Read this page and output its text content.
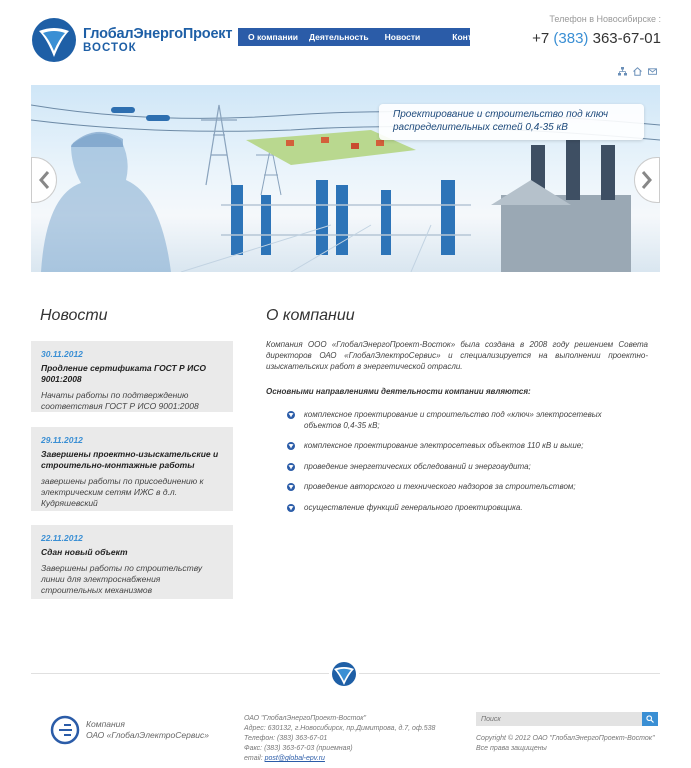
ГлобалЭнергоПроект
ВОСТОК
О компании Деятельность Новости	Контакты
Телефон в Новосибирске :
+7 (383) 363-67-01
Проектирование и строительство под ключ
распределительных сетей 0,4-35 кВ
Новости
30.11.2012
Продление сертификата ГОСТ Р ИСО 9001:2008
Начаты работы по подтверждению соответствия ГОСТ Р ИСО 9001:2008
29.11.2012
Завершены проектно-изыскательские и строительно-монтажные работы
завершены работы по присоединению к электрическим сетям ИЖС в д.л. Кудряшевский
22.11.2012
Сдан новый объект
Завершены работы по строительству линии для электроснабжения строительных механизмов
О компании
Компания ООО «ГлобалЭнергоПроект-Восток» была создана в 2008 году решением Совета директоров ОАО «ГлобалЭлектроСервис» и специализируется на выполнении проектно-изыскательских работ в энергетической отрасли.
Основными направлениями деятельности компании являются:
комплексное проектирование и строительство под «ключ» электросетевых объектов 0,4-35 кВ;
комплексное проектирование электросетевых объектов 110 кВ и выше;
проведение энергетических обследований и энергоаудита;
проведение авторского и технического надзоров за строительством;
осуществление функций генерального проектировщика.
Компания
ОАО «ГлобалЭлектроСервис»
ОАО "ГлобалЭнергоПроект-Восток"
Адрес: 630132, г.Новосибирск, пр.Димитрова, д.7, оф.538
Телефон: (383) 363-67-01
Факс: (383) 363-67-03 (приемная)
email: post@global-epv.ru
Поиск
Copyright © 2012 ОАО "ГлобалЭнергоПроект-Восток"
Все права защищены
